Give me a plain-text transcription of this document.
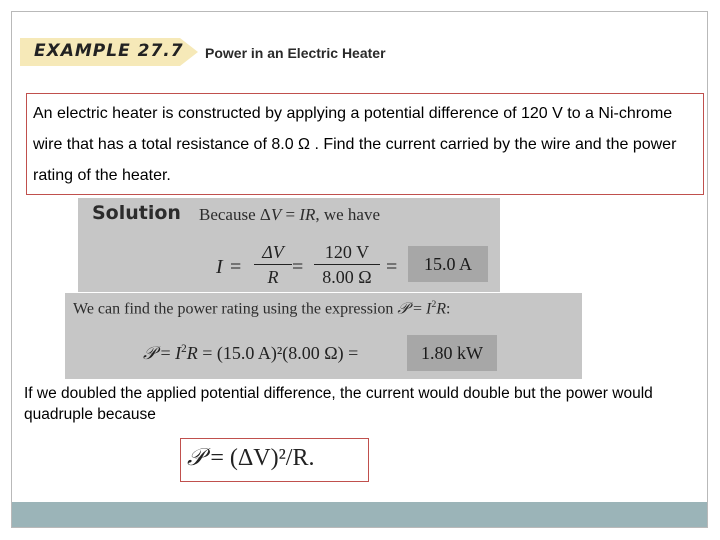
EXAMPLE 27.7 Power in an Electric Heater
An electric heater is constructed by applying a potential difference of 120 V to a Ni-chrome wire that has a total resistance of 8.0 Ω . Find the current carried by the wire and the power rating of the heater.
Solution Because ΔV = IR, we have
I =
ΔV
R =
120 V
8.00 Ω =	15.0 A
We can find the power rating using the expression 𝒫 = $I^2R$:
𝒫 = $I^2R = (15.0$ A)²(8.00 Ω) =	1.80 kW
If we doubled the applied potential difference, the current would double but the power would quadruple because
𝒫 = (ΔV)²/R.
